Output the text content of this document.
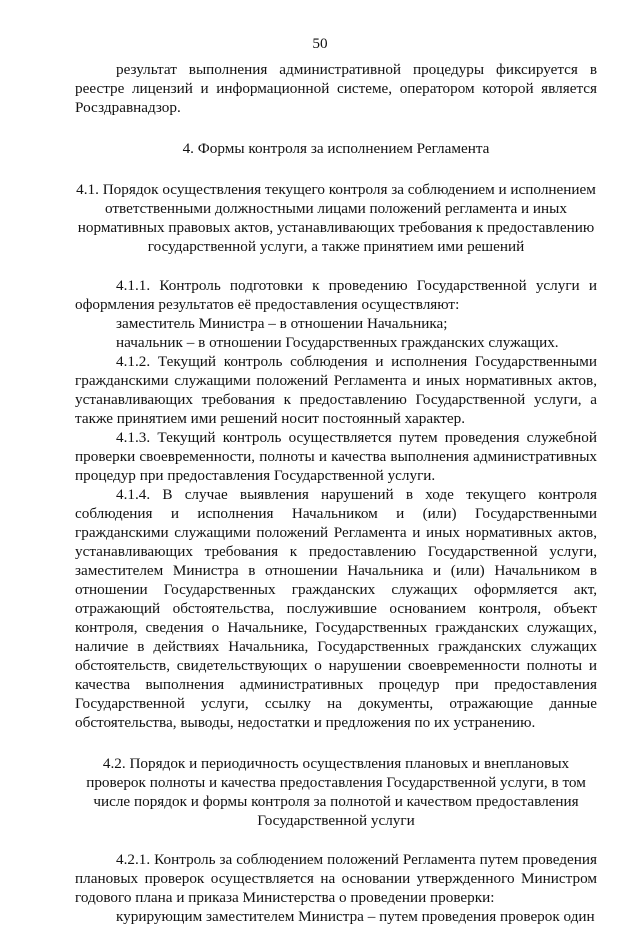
50

результат выполнения административной процедуры фиксируется в реестре лицензий и информационной системе, оператором которой является Росздравнадзор.

4. Формы контроля за исполнением Регламента

4.1. Порядок осуществления текущего контроля за соблюдением и исполнением ответственными должностными лицами положений регламента и иных нормативных правовых актов, устанавливающих требования к предоставлению государственной услуги, а также принятием ими решений

4.1.1. Контроль подготовки к проведению Государственной услуги и оформления результатов её предоставления осуществляют:

заместитель Министра – в отношении Начальника;

начальник – в отношении Государственных гражданских служащих.

4.1.2. Текущий контроль соблюдения и исполнения Государственными гражданскими служащими положений Регламента и иных нормативных актов, устанавливающих требования к предоставлению Государственной услуги, а также принятием ими решений носит постоянный характер.

4.1.3. Текущий контроль осуществляется путем проведения служебной проверки своевременности, полноты и качества выполнения административных процедур при предоставления Государственной услуги.

4.1.4. В случае выявления нарушений в ходе текущего контроля соблюдения и исполнения Начальником и (или) Государственными гражданскими служащими положений Регламента и иных нормативных актов, устанавливающих требования к предоставлению Государственной услуги, заместителем Министра в отношении Начальника и (или) Начальником в отношении Государственных гражданских служащих оформляется акт, отражающий обстоятельства, послужившие основанием контроля, объект контроля, сведения о Начальнике, Государственных гражданских служащих, наличие в действиях Начальника, Государственных гражданских служащих обстоятельств, свидетельствующих о нарушении своевременности полноты и качества выполнения административных процедур при предоставления Государственной услуги, ссылку на документы, отражающие данные обстоятельства, выводы, недостатки и предложения по их устранению.

4.2. Порядок и периодичность осуществления плановых и внеплановых проверок полноты и качества предоставления Государственной услуги, в том числе порядок и формы контроля за полнотой и качеством предоставления Государственной услуги

4.2.1. Контроль за соблюдением положений Регламента путем проведения плановых проверок осуществляется на основании утвержденного Министром годового плана и приказа Министерства о проведении проверки:

курирующим заместителем Министра – путем проведения проверок один
